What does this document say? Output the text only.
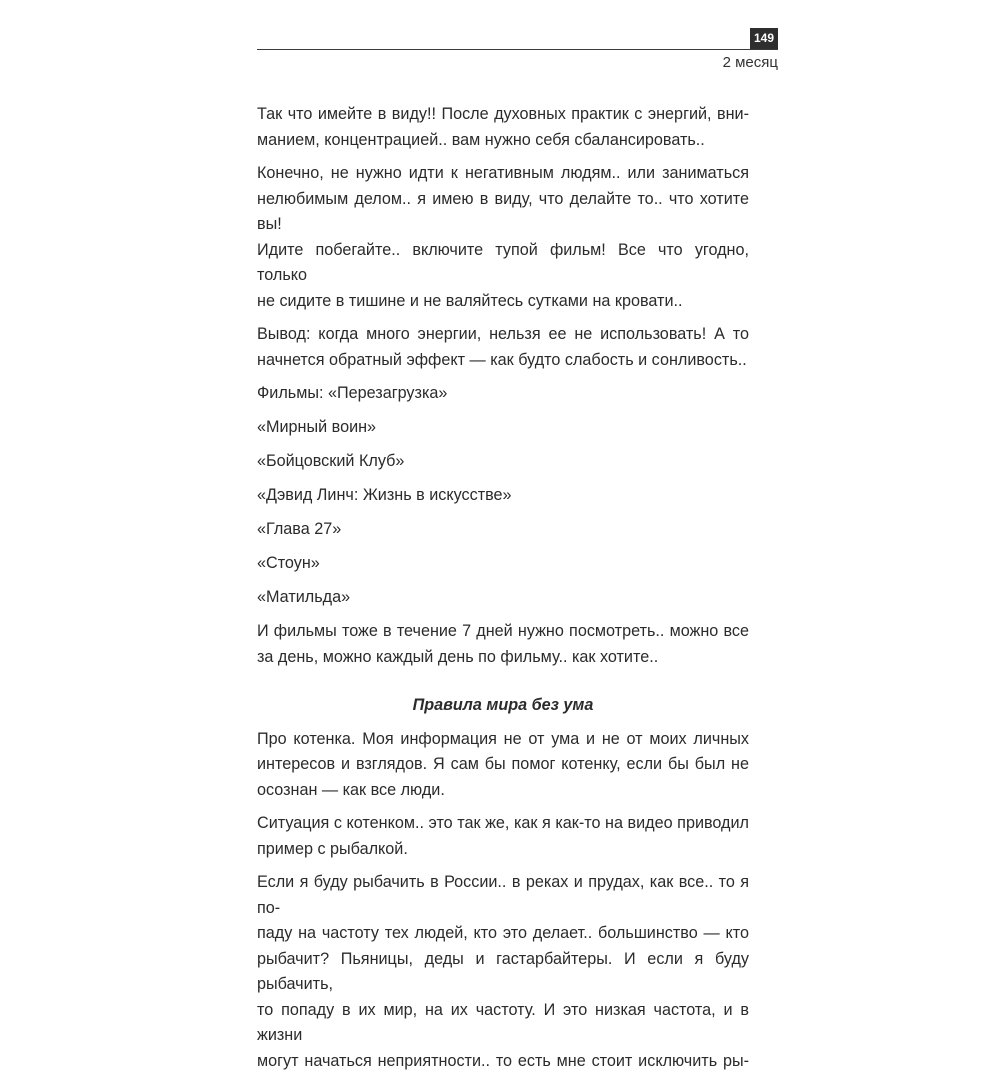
149
2 месяц

Так что имейте в виду!! После духовных практик с энергий, вни-
манием, концентрацией.. вам нужно себя сбалансировать..

Конечно, не нужно идти к негативным людям.. или заниматься
нелюбимым делом.. я имею в виду, что делайте то.. что хотите вы!
Идите побегайте.. включите тупой фильм! Все что угодно, только
не сидите в тишине и не валяйтесь сутками на кровати..

Вывод: когда много энергии, нельзя ее не использовать! А то
начнется обратный эффект — как будто слабость и сонливость..

Фильмы: «Перезагрузка»

«Мирный воин»

«Бойцовский Клуб»

«Дэвид Линч: Жизнь в искусстве»

«Глава 27»

«Стоун»

«Матильда»

И фильмы тоже в течение 7 дней нужно посмотреть.. можно все
за день, можно каждый день по фильму.. как хотите..

Правила мира без ума

Про котенка. Моя информация не от ума и не от моих личных
интересов и взглядов. Я сам бы помог котенку, если бы был не
осознан — как все люди.

Ситуация с котенком.. это так же, как я как-то на видео приводил
пример с рыбалкой.

Если я буду рыбачить в России.. в реках и прудах, как все.. то я по-
паду на частоту тех людей, кто это делает.. большинство — кто
рыбачит? Пьяницы, деды и гастарбайтеры. И если я буду рыбачить,
то попаду в их мир, на их частоту. И это низкая частота, и в жизни
могут начаться неприятности.. то есть мне стоит исключить ры-
